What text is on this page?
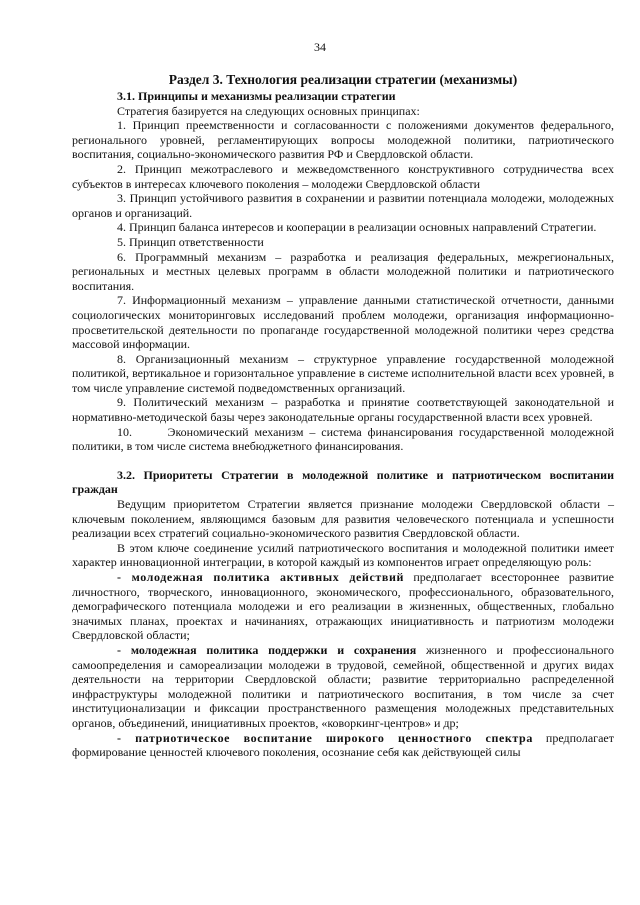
34
Раздел 3. Технология реализации стратегии (механизмы)
3.1. Принципы и механизмы реализации стратегии

Стратегия базируется на следующих основных принципах:

1. Принцип преемственности и согласованности с положениями документов федерального, регионального уровней, регламентирующих вопросы молодежной политики, патриотического воспитания, социально-экономического развития РФ и Свердловской области.

2. Принцип межотраслевого и межведомственного конструктивного сотрудничества всех субъектов в интересах ключевого поколения – молодежи Свердловской области

3. Принцип устойчивого развития в сохранении и развитии потенциала молодежи, молодежных органов и организаций.

4. Принцип баланса интересов и кооперации в реализации основных направлений Стратегии.

5. Принцип ответственности

6. Программный механизм – разработка и реализация федеральных, межрегиональных, региональных и местных целевых программ в области молодежной политики и патриотического воспитания.

7. Информационный механизм – управление данными статистической отчетности, данными социологических мониторинговых исследований проблем молодежи, организация информационно-просветительской деятельности по пропаганде государственной молодежной политики через средства массовой информации.

8. Организационный механизм – структурное управление государственной молодежной политикой, вертикальное и горизонтальное управление в системе исполнительной власти всех уровней, в том числе управление системой подведомственных организаций.

9. Политический механизм – разработка и принятие соответствующей законодательной и нормативно-методической базы через законодательные органы государственной власти всех уровней.

10.      Экономический механизм – система финансирования государственной молодежной политики, в том числе система внебюджетного финансирования.

3.2. Приоритеты Стратегии в молодежной политике и патриотическом воспитании граждан

Ведущим приоритетом Стратегии является признание молодежи Свердловской области – ключевым поколением, являющимся базовым для развития человеческого потенциала и успешности реализации всех стратегий социально-экономического развития Свердловской области.

В этом ключе соединение усилий патриотического воспитания и молодежной политики имеет характер инновационной интеграции, в которой каждый из компонентов играет определяющую роль:

- молодежная политика активных действий предполагает всестороннее развитие личностного, творческого, инновационного, экономического, профессионального, образовательного, демографического потенциала молодежи и его реализации в жизненных, общественных, глобально значимых планах, проектах и начинаниях, отражающих инициативность и патриотизм молодежи Свердловской области;

- молодежная политика поддержки и сохранения жизненного и профессионального самоопределения и самореализации молодежи в трудовой, семейной, общественной и других видах деятельности на территории Свердловской области; развитие территориально распределенной инфраструктуры молодежной политики и патриотического воспитания, в том числе за счет институционализации и фиксации пространственного размещения молодежных представительных органов, объединений, инициативных проектов, «коворкинг-центров» и др;

- патриотическое воспитание широкого ценностного спектра предполагает формирование ценностей ключевого поколения, осознание себя как действующей силы
